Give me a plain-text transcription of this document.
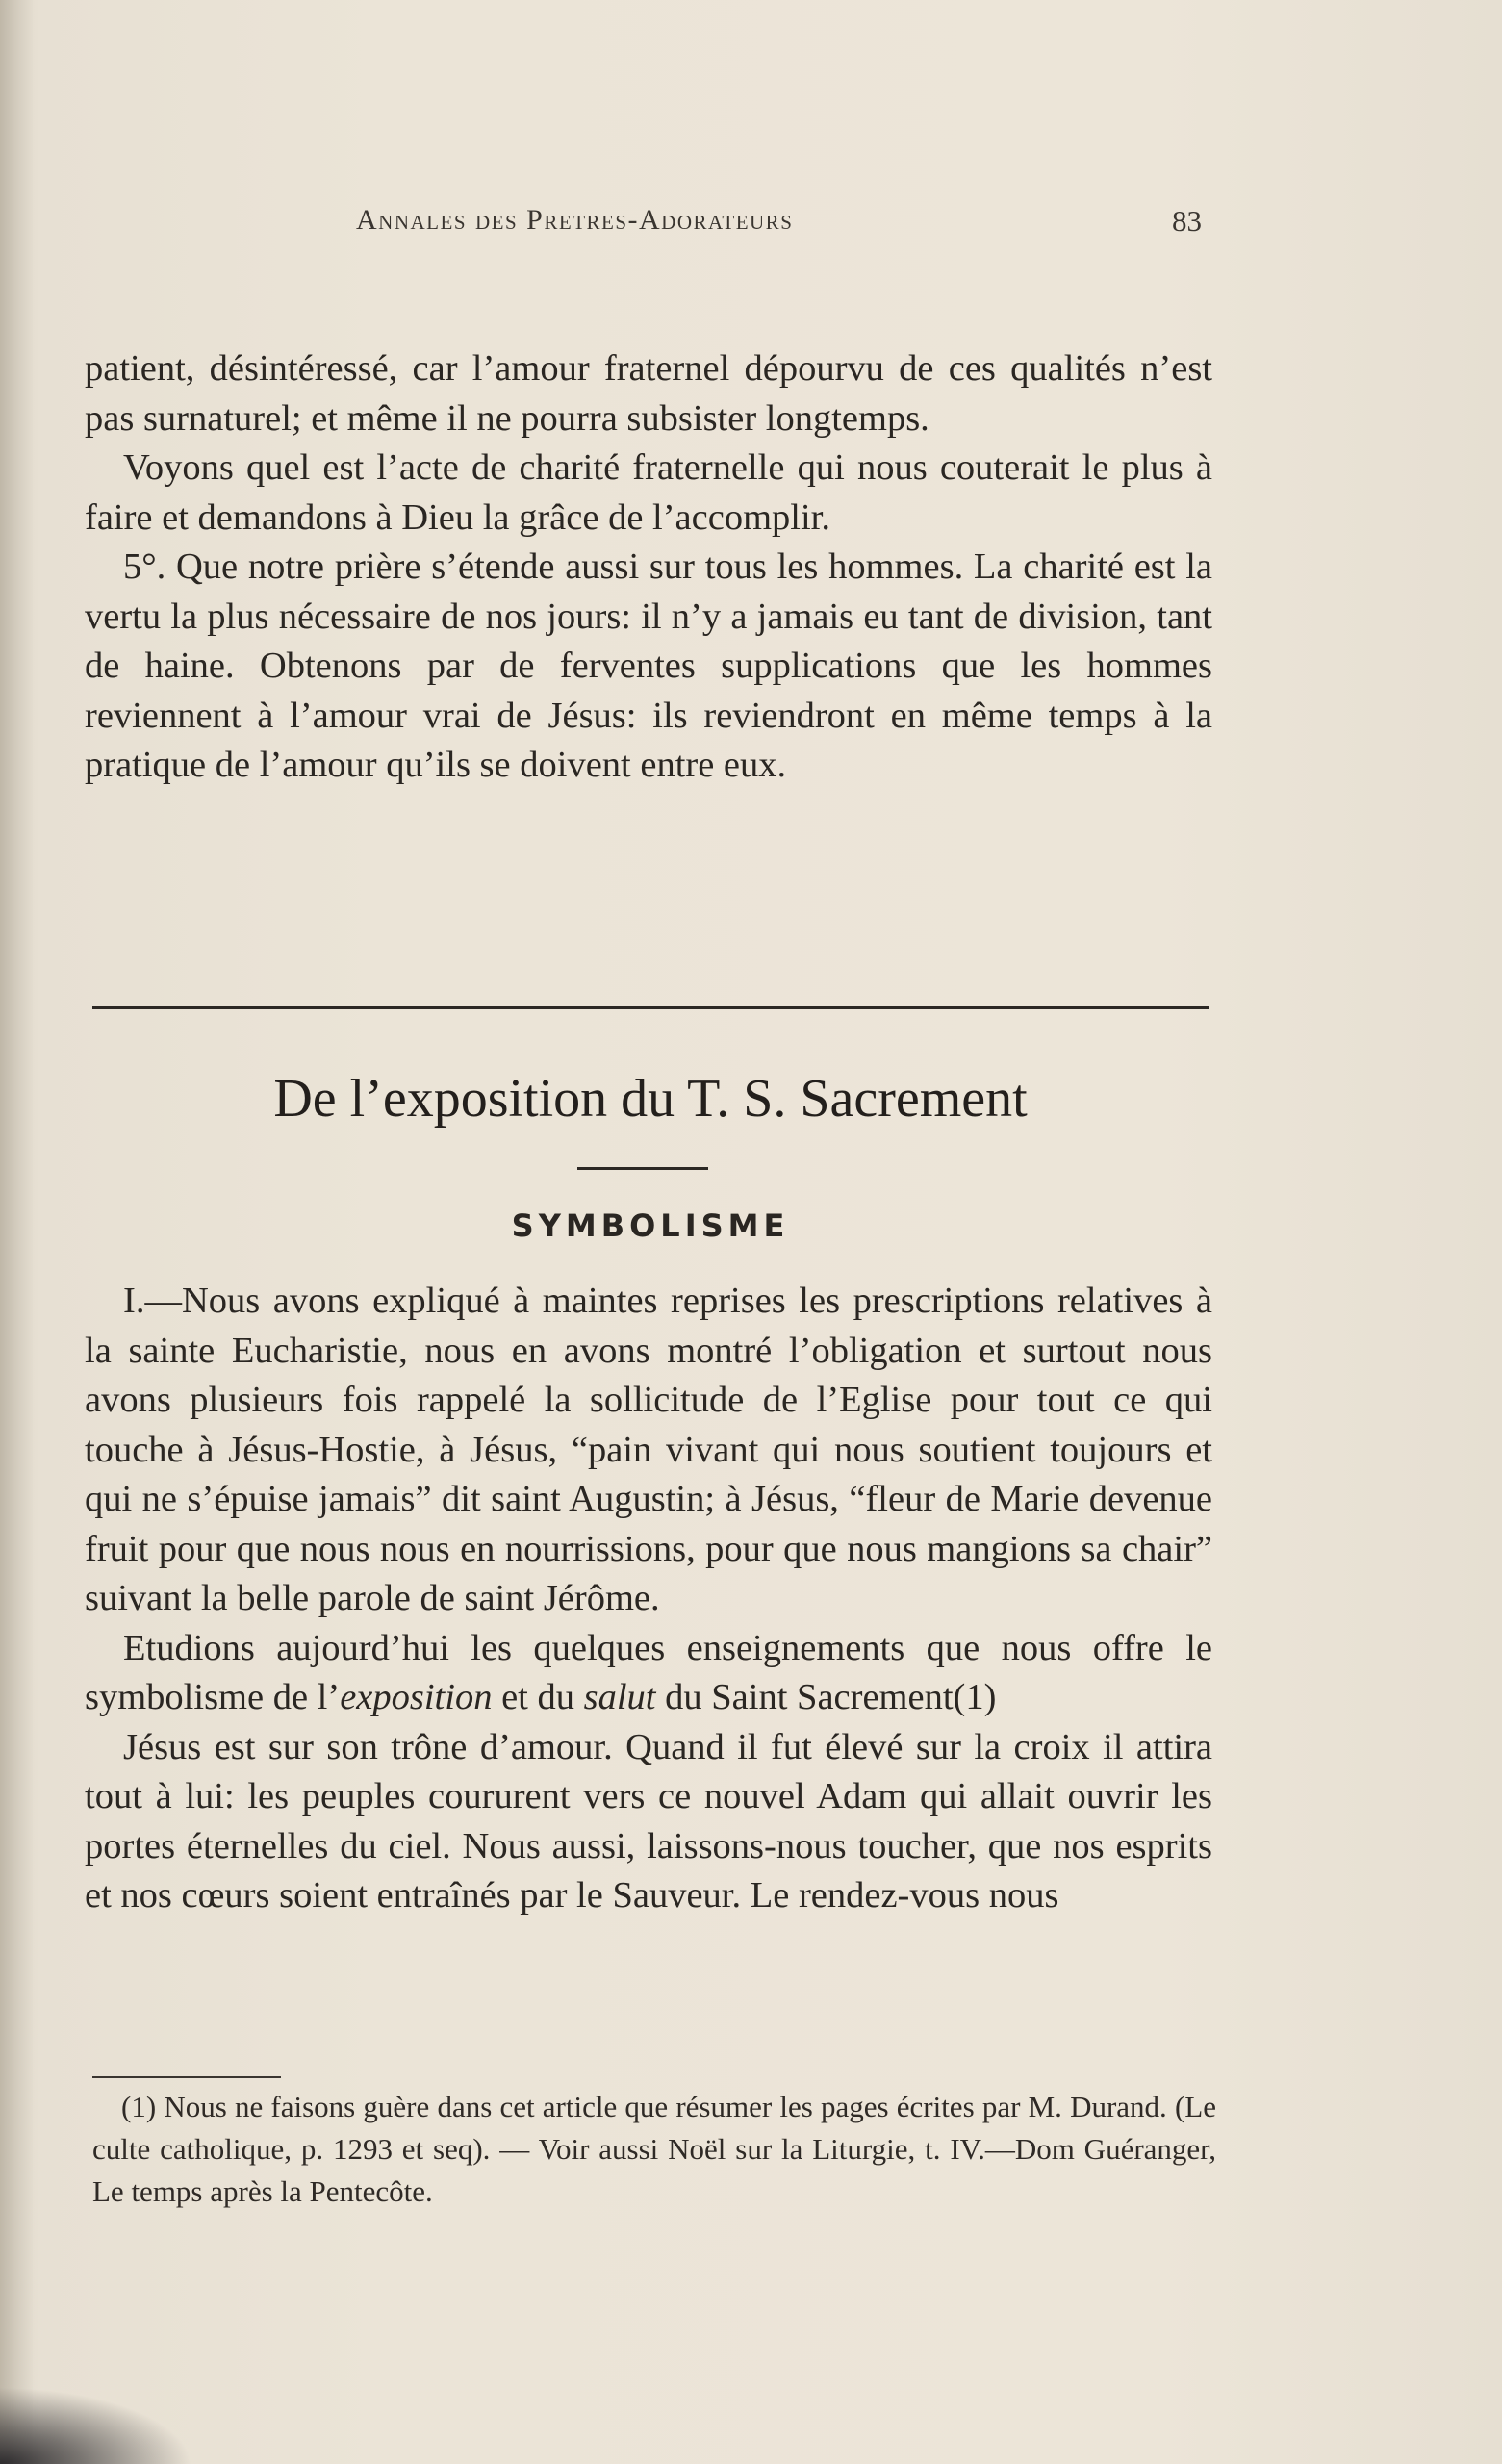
Annales des Pretres-Adorateurs	83

patient, désintéressé, car l’amour fraternel dépourvu de ces qualités n’est pas surnaturel; et même il ne pourra subsister longtemps.

Voyons quel est l’acte de charité fraternelle qui nous couterait le plus à faire et demandons à Dieu la grâce de l’accomplir.

5°. Que notre prière s’étende aussi sur tous les hommes. La charité est la vertu la plus nécessaire de nos jours: il n’y a jamais eu tant de division, tant de haine. Obtenons par de ferventes supplications que les hommes reviennent à l’amour vrai de Jésus: ils reviendront en même temps à la pratique de l’amour qu’ils se doivent entre eux.

De l’exposition du T. S. Sacrement
SYMBOLISME

I.—Nous avons expliqué à maintes reprises les prescriptions relatives à la sainte Eucharistie, nous en avons montré l’obligation et surtout nous avons plusieurs fois rappelé la sollicitude de l’Eglise pour tout ce qui touche à Jésus-Hostie, à Jésus, “pain vivant qui nous soutient toujours et qui ne s’épuise jamais” dit saint Augustin; à Jésus, “fleur de Marie devenue fruit pour que nous nous en nourrissions, pour que nous mangions sa chair” suivant la belle parole de saint Jérôme.

Etudions aujourd’hui les quelques enseignements que nous offre le symbolisme de l’exposition et du salut du Saint Sacrement(1)

Jésus est sur son trône d’amour. Quand il fut élevé sur la croix il attira tout à lui: les peuples coururent vers ce nouvel Adam qui allait ouvrir les portes éternelles du ciel. Nous aussi, laissons-nous toucher, que nos esprits et nos cœurs soient entraînés par le Sauveur. Le rendez-vous nous

(1) Nous ne faisons guère dans cet article que résumer les pages écrites par M. Durand. (Le culte catholique, p. 1293 et seq). — Voir aussi Noël sur la Liturgie, t. IV.—Dom Guéranger, Le temps après la Pentecôte.
